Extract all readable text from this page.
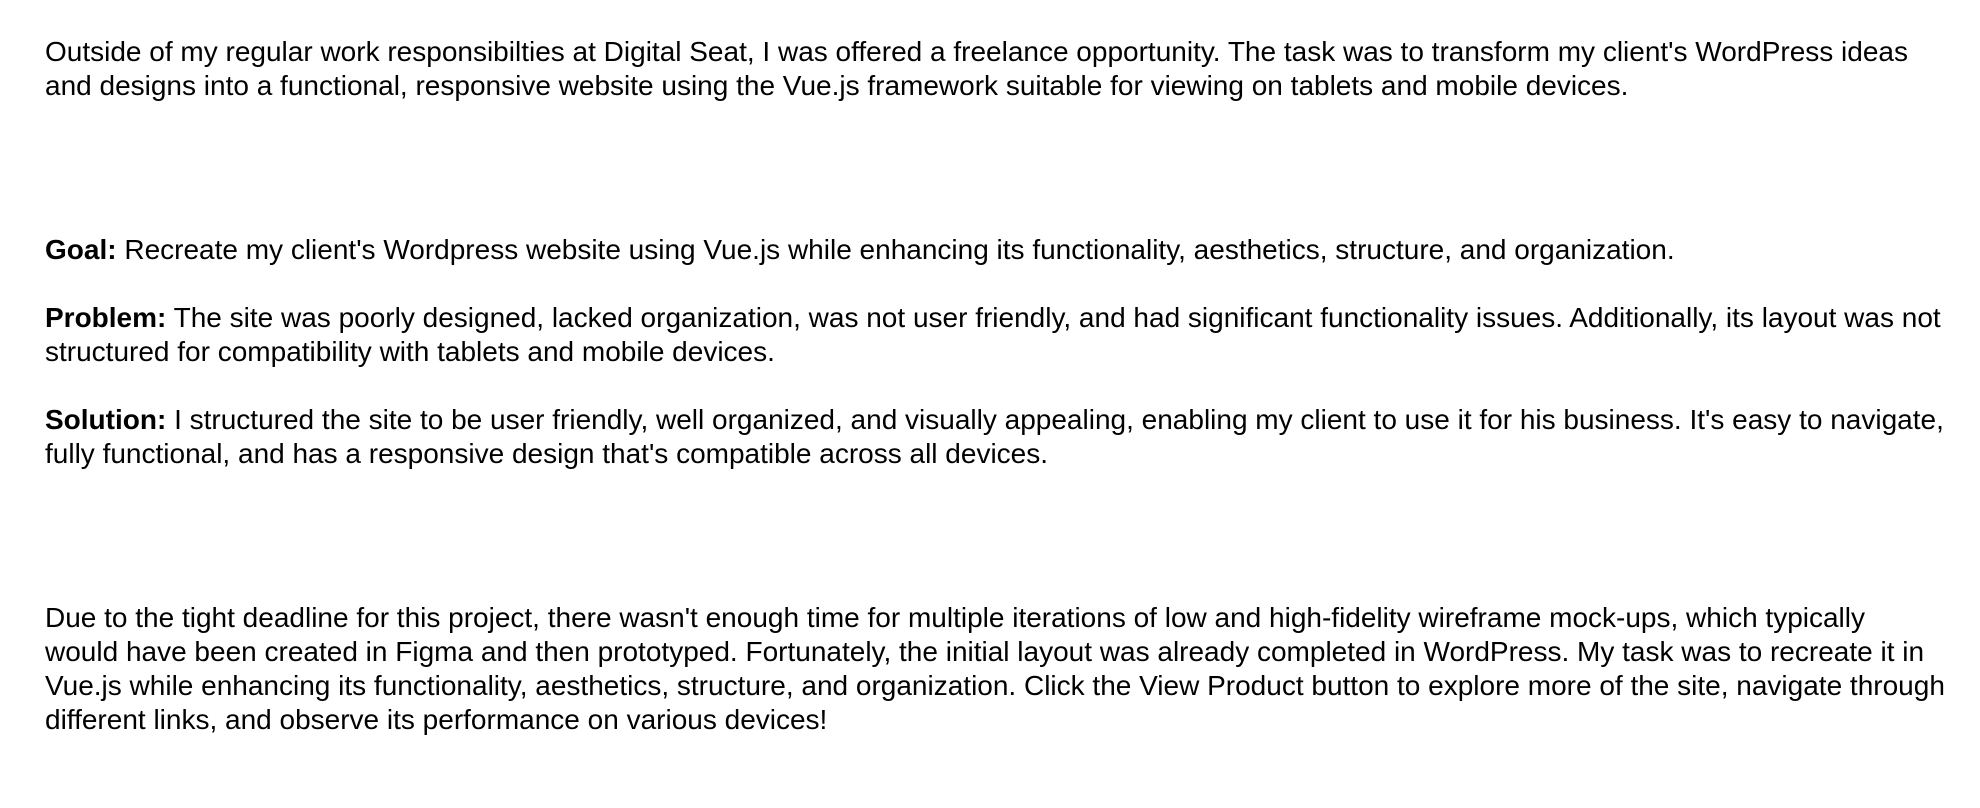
Outside of my regular work responsibilties at Digital Seat, I was offered a freelance opportunity. The task was to transform my client's WordPress ideas and designs into a functional, responsive website using the Vue.js framework suitable for viewing on tablets and mobile devices.

Goal: Recreate my client's Wordpress website using Vue.js while enhancing its functionality, aesthetics, structure, and organization.

Problem: The site was poorly designed, lacked organization, was not user friendly, and had significant functionality issues. Additionally, its layout was not structured for compatibility with tablets and mobile devices.

Solution: I structured the site to be user friendly, well organized, and visually appealing, enabling my client to use it for his business. It's easy to navigate, fully functional, and has a responsive design that's compatible across all devices.

Due to the tight deadline for this project, there wasn't enough time for multiple iterations of low and high-fidelity wireframe mock-ups, which typically would have been created in Figma and then prototyped. Fortunately, the initial layout was already completed in WordPress. My task was to recreate it in Vue.js while enhancing its functionality, aesthetics, structure, and organization. Click the View Product button to explore more of the site, navigate through different links, and observe its performance on various devices!
